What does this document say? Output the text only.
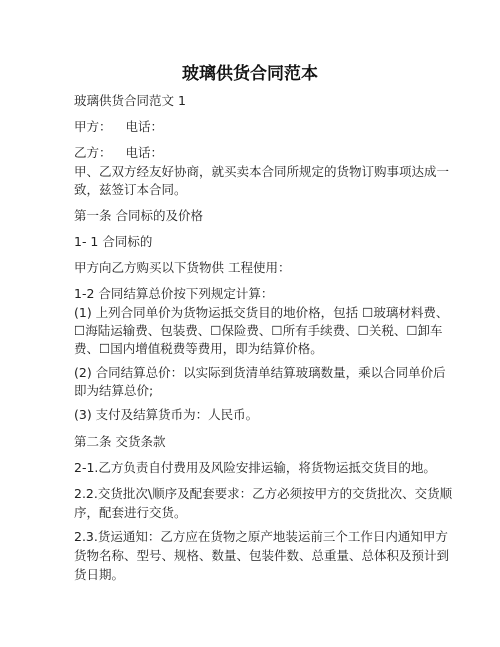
玻璃供货合同范本
玻璃供货合同范文 1
甲方： 电话：
乙方： 电话：
甲、乙双方经友好协商，就买卖本合同所规定的货物订购事项达成一
致，兹签订本合同。
第一条 合同标的及价格
1- 1 合同标的
甲方向乙方购买以下货物供 工程使用：
1-2 合同结算总价按下列规定计算：
(1) 上列合同单价为货物运抵交货目的地价格，包括 ☐玻璃材料费、
☐海陆运输费、包装费、☐保险费、☐所有手续费、☐关税、☐卸车
费、☐国内增值税费等费用，即为结算价格。
(2) 合同结算总价：以实际到货清单结算玻璃数量，乘以合同单价后
即为结算总价;
(3) 支付及结算货币为：人民币。
第二条 交货条款
2-1.乙方负责自付费用及风险安排运输，将货物运抵交货目的地。
2.2.交货批次\顺序及配套要求：乙方必须按甲方的交货批次、交货顺
序，配套进行交货。
2.3.货运通知：乙方应在货物之原产地装运前三个工作日内通知甲方
货物名称、型号、规格、数量、包装件数、总重量、总体积及预计到
货日期。
